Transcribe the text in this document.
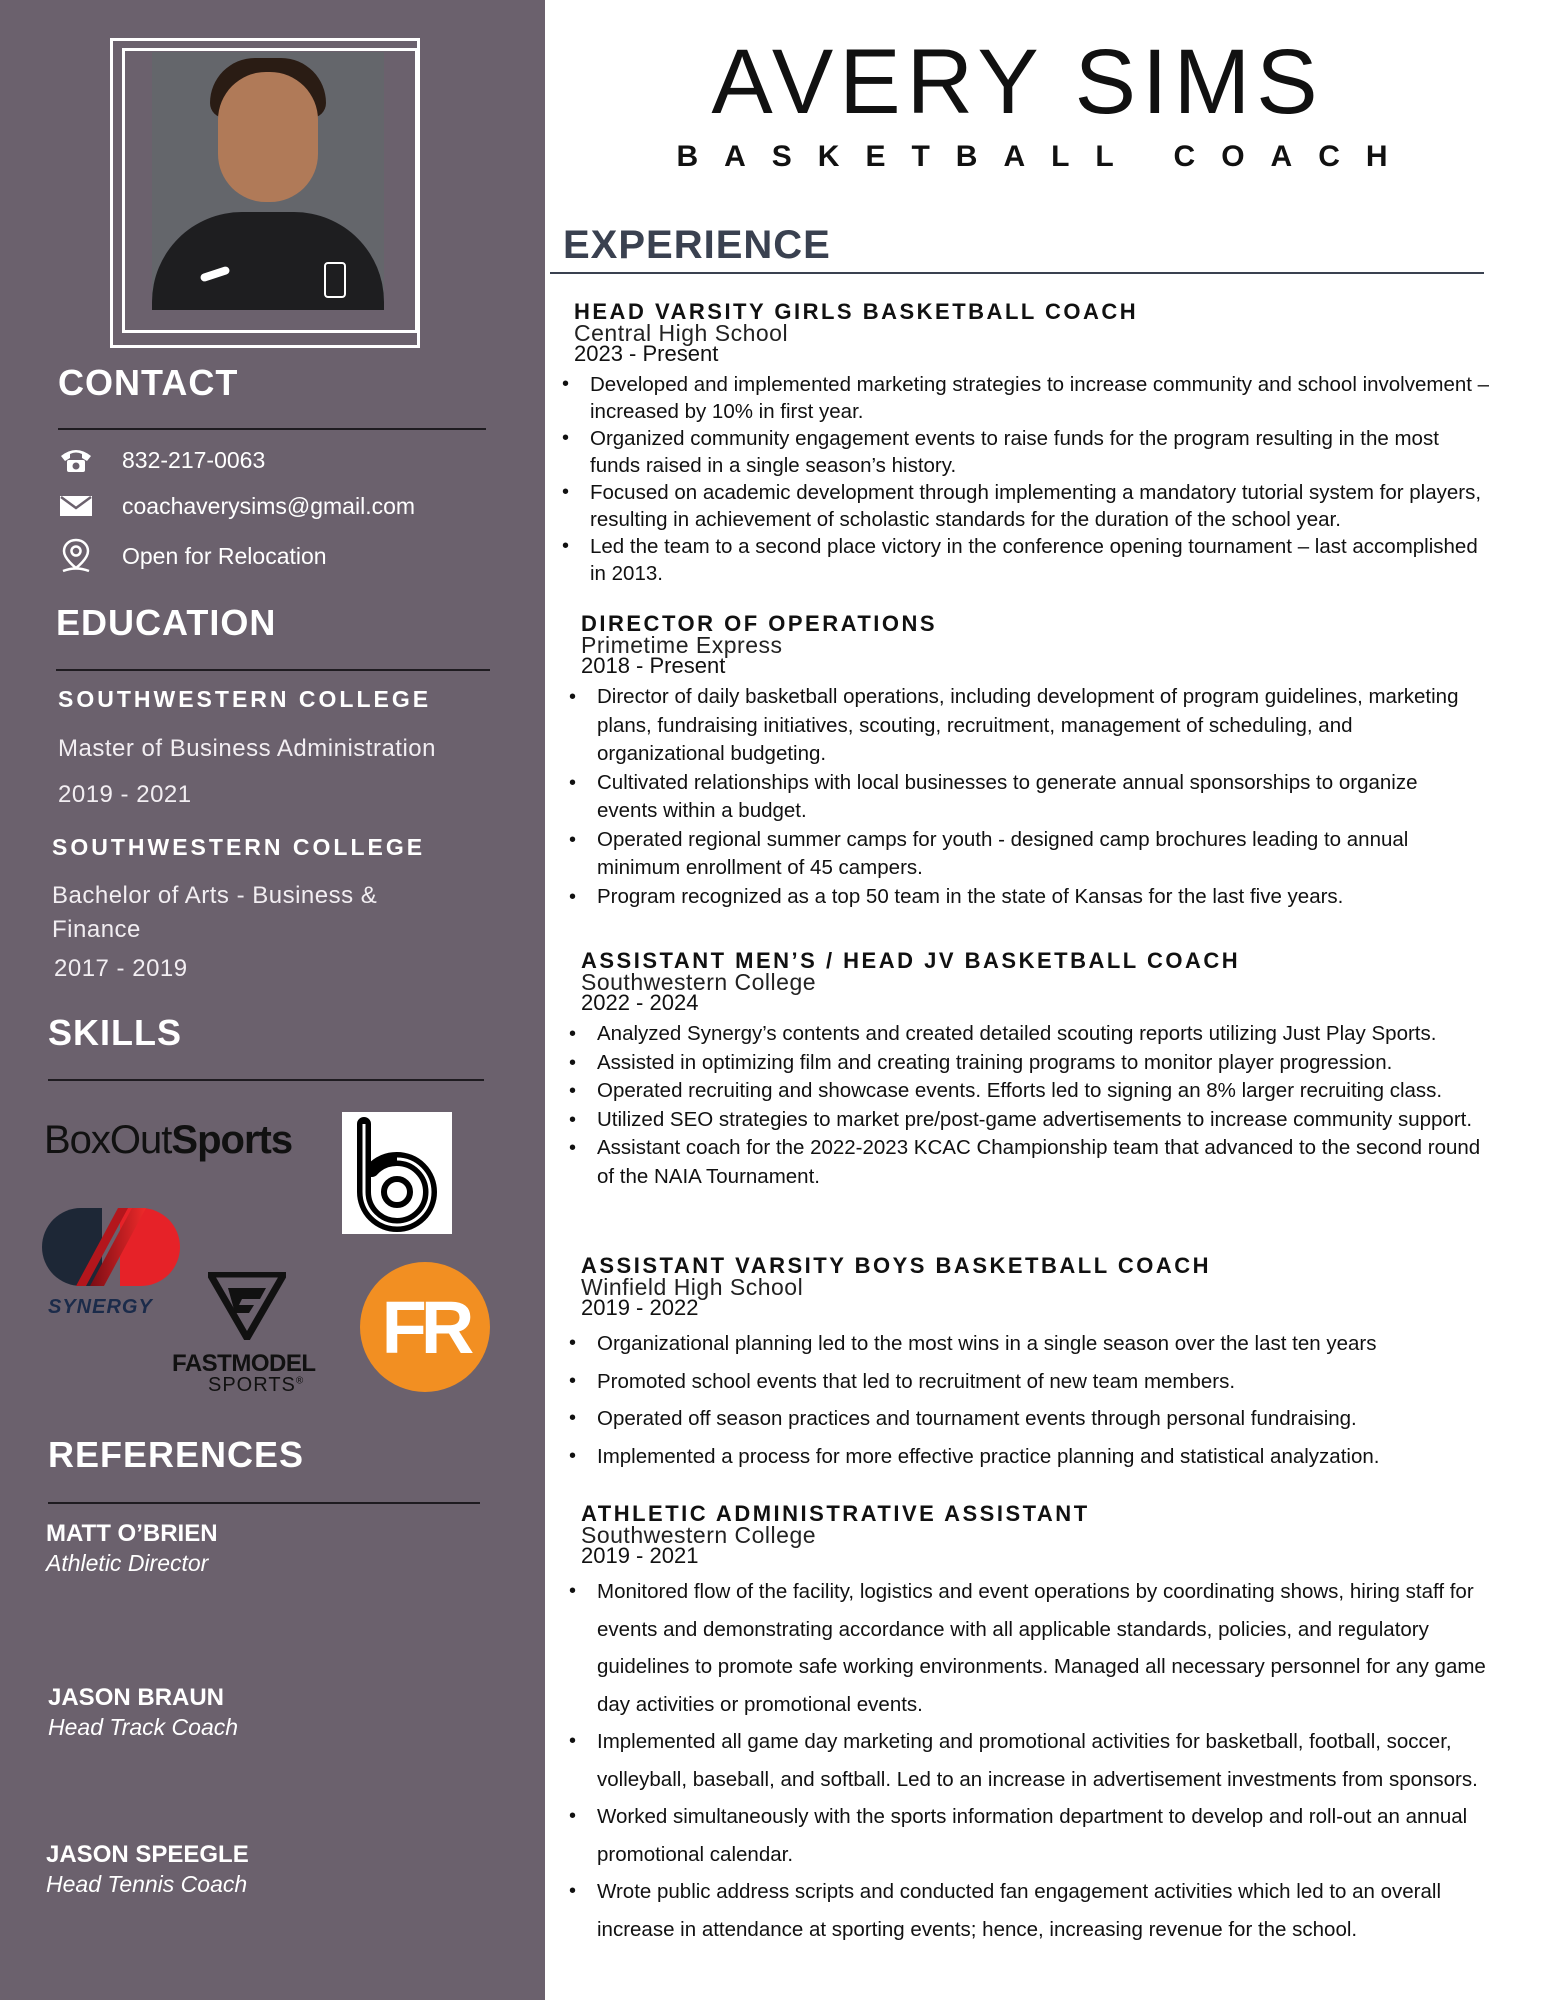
CONTACT
832-217-0063
coachaverysims@gmail.com
Open for Relocation
EDUCATION
SOUTHWESTERN COLLEGE
Master of Business Administration
2019 - 2021
SOUTHWESTERN COLLEGE
Bachelor of Arts - Business & Finance
2017 - 2019
SKILLS
BoxOutSports
SYNERGY
FASTMODEL
SPORTS®
FR
REFERENCES
MATT O’BRIEN
Athletic Director
JASON BRAUN
Head Track Coach
JASON SPEEGLE
Head Tennis Coach
AVERY SIMS
BASKETBALL COACH
EXPERIENCE
HEAD VARSITY GIRLS BASKETBALL COACH
Central High School
2023 - Present
• Developed and implemented marketing strategies to increase community and school involvement – increased by 10% in first year.
• Organized community engagement events to raise funds for the program resulting in the most funds raised in a single season’s history.
• Focused on academic development through implementing a mandatory tutorial system for players, resulting in achievement of scholastic standards for the duration of the school year.
• Led the team to a second place victory in the conference opening tournament – last accomplished in 2013.
DIRECTOR OF OPERATIONS
Primetime Express
2018 - Present
• Director of daily basketball operations, including development of program guidelines, marketing plans, fundraising initiatives, scouting, recruitment, management of scheduling, and organizational budgeting.
• Cultivated relationships with local businesses to generate annual sponsorships to organize events within a budget.
• Operated regional summer camps for youth - designed camp brochures leading to annual minimum enrollment of 45 campers.
• Program recognized as a top 50 team in the state of Kansas for the last five years.
ASSISTANT MEN’S / HEAD JV BASKETBALL COACH
Southwestern College
2022 - 2024
• Analyzed Synergy’s contents and created detailed scouting reports utilizing Just Play Sports.
• Assisted in optimizing film and creating training programs to monitor player progression.
• Operated recruiting and showcase events. Efforts led to signing an 8% larger recruiting class.
• Utilized SEO strategies to market pre/post-game advertisements to increase community support.
• Assistant coach for the 2022-2023 KCAC Championship team that advanced to the second round of the NAIA Tournament.
ASSISTANT VARSITY BOYS BASKETBALL COACH
Winfield High School
2019 - 2022
• Organizational planning led to the most wins in a single season over the last ten years
• Promoted school events that led to recruitment of new team members.
• Operated off season practices and tournament events through personal fundraising.
• Implemented a process for more effective practice planning and statistical analyzation.
ATHLETIC ADMINISTRATIVE ASSISTANT
Southwestern College
2019 - 2021
• Monitored flow of the facility, logistics and event operations by coordinating shows, hiring staff for events and demonstrating accordance with all applicable standards, policies, and regulatory guidelines to promote safe working environments. Managed all necessary personnel for any game day activities or promotional events.
• Implemented all game day marketing and promotional activities for basketball, football, soccer, volleyball, baseball, and softball. Led to an increase in advertisement investments from sponsors.
• Worked simultaneously with the sports information department to develop and roll-out an annual promotional calendar.
• Wrote public address scripts and conducted fan engagement activities which led to an overall increase in attendance at sporting events; hence, increasing revenue for the school.
